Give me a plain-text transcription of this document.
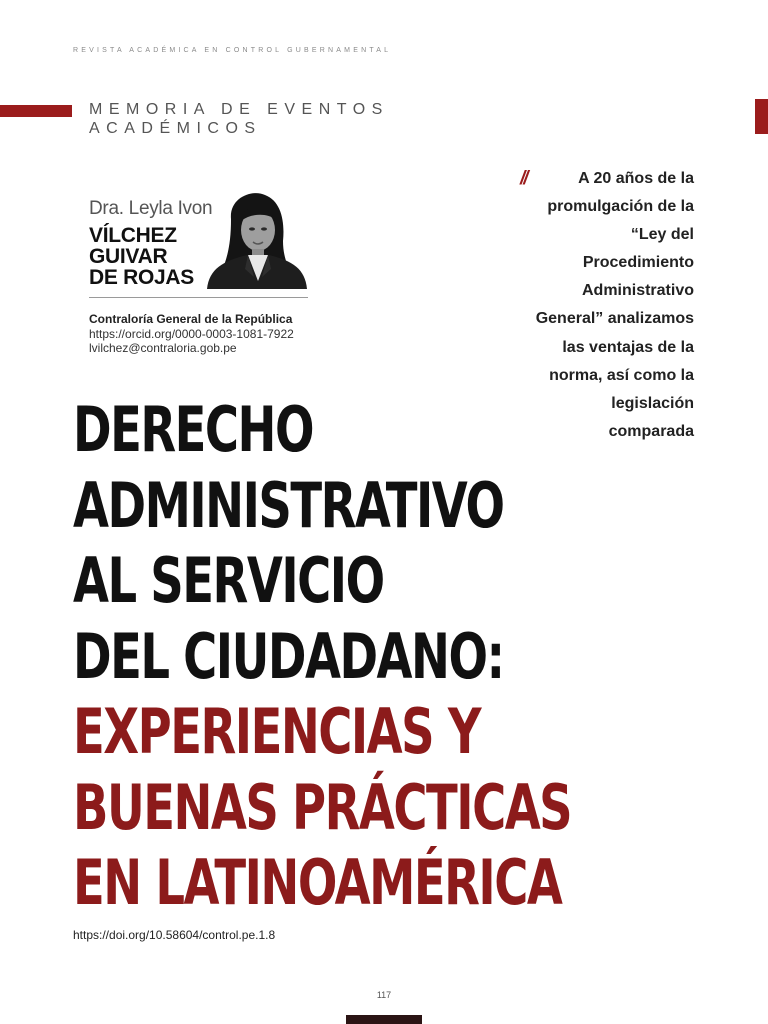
REVISTA ACADÉMICA EN CONTROL GUBERNAMENTAL
MEMORIA DE EVENTOS
ACADÉMICOS
Dra. Leyla Ivon
VÍLCHEZ
GUIVAR
DE ROJAS
Contraloría General de la República
https://orcid.org/0000-0003-1081-7922
lvilchez@contraloria.gob.pe
//	A 20 años de la promulgación de la “Ley del Procedimiento Administrativo General” analizamos las ventajas de la norma, así como la legislación comparada
DERECHO
ADMINISTRATIVO
AL SERVICIO
DEL CIUDADANO:
EXPERIENCIAS Y
BUENAS PRÁCTICAS
EN LATINOAMÉRICA
https://doi.org/10.58604/control.pe.1.8
117
